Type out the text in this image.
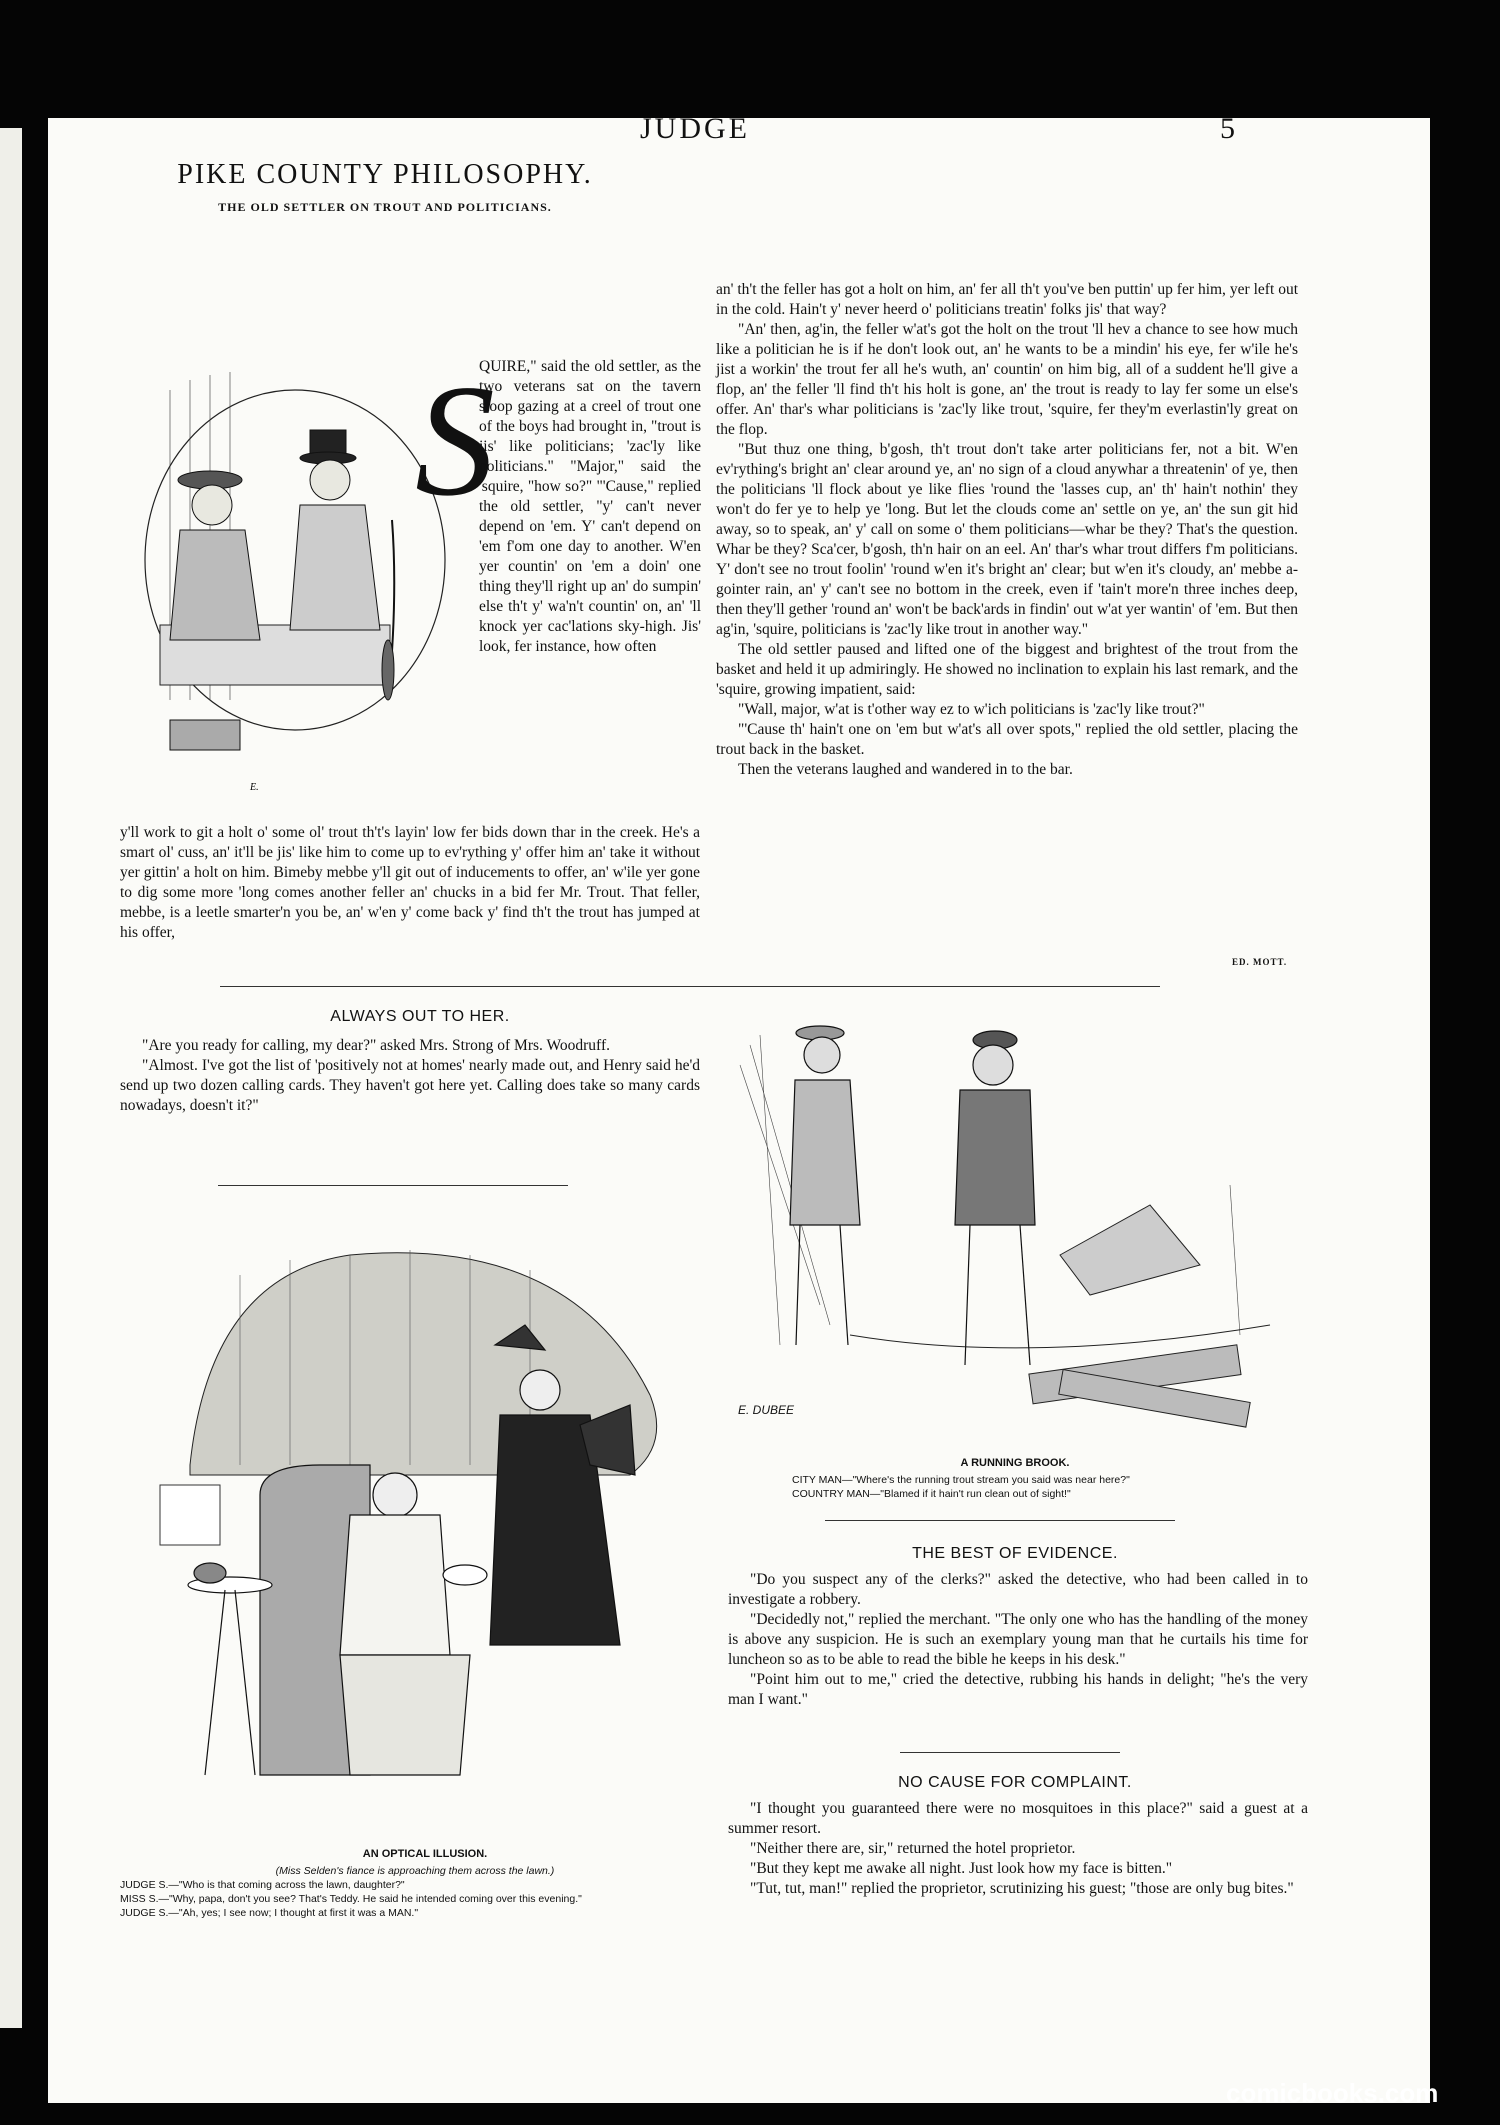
JUDGE	5
PIKE COUNTY PHILOSOPHY.
THE OLD SETTLER ON TROUT AND POLITICIANS.
E.
S

QUIRE," said the old settler, as the two veterans sat on the tavern stoop gazing at a creel of trout one of the boys had brought in, "trout is jis' like politicians; 'zac'ly like politicians." "Major," said the 'squire, "how so?" "'Cause," replied the old settler, "y' can't never depend on 'em. Y' can't depend on 'em f'om one day to another. W'en yer countin' on 'em a doin' one thing they'll right up an' do sumpin' else th't y' wa'n't countin' on, an' 'll knock yer cac'lations sky-high. Jis' look, fer instance, how often

y'll work to git a holt o' some ol' trout th't's layin' low fer bids down thar in the creek. He's a smart ol' cuss, an' it'll be jis' like him to come up to ev'rything y' offer him an' take it without yer gittin' a holt on him. Bimeby mebbe y'll git out of inducements to offer, an' w'ile yer gone to dig some more 'long comes another feller an' chucks in a bid fer Mr. Trout. That feller, mebbe, is a leetle smarter'n you be, an' w'en y' come back y' find th't the trout has jumped at his offer,

an' th't the feller has got a holt on him, an' fer all th't you've ben puttin' up fer him, yer left out in the cold. Hain't y' never heerd o' politicians treatin' folks jis' that way?

"An' then, ag'in, the feller w'at's got the holt on the trout 'll hev a chance to see how much like a politician he is if he don't look out, an' he wants to be a mindin' his eye, fer w'ile he's jist a workin' the trout fer all he's wuth, an' countin' on him big, all of a suddent he'll give a flop, an' the feller 'll find th't his holt is gone, an' the trout is ready to lay fer some un else's offer. An' thar's whar politicians is 'zac'ly like trout, 'squire, fer they'm everlastin'ly great on the flop.

"But thuz one thing, b'gosh, th't trout don't take arter politicians fer, not a bit. W'en ev'rything's bright an' clear around ye, an' no sign of a cloud anywhar a threatenin' of ye, then the politicians 'll flock about ye like flies 'round the 'lasses cup, an' th' hain't nothin' they won't do fer ye to help ye 'long. But let the clouds come an' settle on ye, an' the sun git hid away, so to speak, an' y' call on some o' them politicians—whar be they? That's the question. Whar be they? Sca'cer, b'gosh, th'n hair on an eel. An' thar's whar trout differs f'm politicians. Y' don't see no trout foolin' 'round w'en it's bright an' clear; but w'en it's cloudy, an' mebbe a-gointer rain, an' y' can't see no bottom in the creek, even if 'tain't more'n three inches deep, then they'll gether 'round an' won't be back'ards in findin' out w'at yer wantin' of 'em. But then ag'in, 'squire, politicians is 'zac'ly like trout in another way."

The old settler paused and lifted one of the biggest and brightest of the trout from the basket and held it up admiringly. He showed no inclination to explain his last remark, and the 'squire, growing impatient, said:

"Wall, major, w'at is t'other way ez to w'ich politicians is 'zac'ly like trout?"

"'Cause th' hain't one on 'em but w'at's all over spots," replied the old settler, placing the trout back in the basket.

Then the veterans laughed and wandered in to the bar.

ED. MOTT.
ALWAYS OUT TO HER.

"Are you ready for calling, my dear?" asked Mrs. Strong of Mrs. Woodruff.

"Almost. I've got the list of 'positively not at homes' nearly made out, and Henry said he'd send up two dozen calling cards. They haven't got here yet. Calling does take so many cards nowadays, doesn't it?"

E. DUBEE
A RUNNING BROOK.
CITY MAN—"Where's the running trout stream you said was near here?"
COUNTRY MAN—"Blamed if it hain't run clean out of sight!"
THE BEST OF EVIDENCE.

"Do you suspect any of the clerks?" asked the detective, who had been called in to investigate a robbery.

"Decidedly not," replied the merchant. "The only one who has the handling of the money is above any suspicion. He is such an exemplary young man that he curtails his time for luncheon so as to be able to read the bible he keeps in his desk."

"Point him out to me," cried the detective, rubbing his hands in delight; "he's the very man I want."

NO CAUSE FOR COMPLAINT.

"I thought you guaranteed there were no mosquitoes in this place?" said a guest at a summer resort.

"Neither there are, sir," returned the hotel proprietor.

"But they kept me awake all night. Just look how my face is bitten."

"Tut, tut, man!" replied the proprietor, scrutinizing his guest; "those are only bug bites."

AN OPTICAL ILLUSION.
(Miss Selden's fiance is approaching them across the lawn.)
JUDGE S.—"Who is that coming across the lawn, daughter?"
MISS S.—"Why, papa, don't you see? That's Teddy. He said he intended coming over this evening."
JUDGE S.—"Ah, yes; I see now; I thought at first it was a MAN."
comicbooks.com
